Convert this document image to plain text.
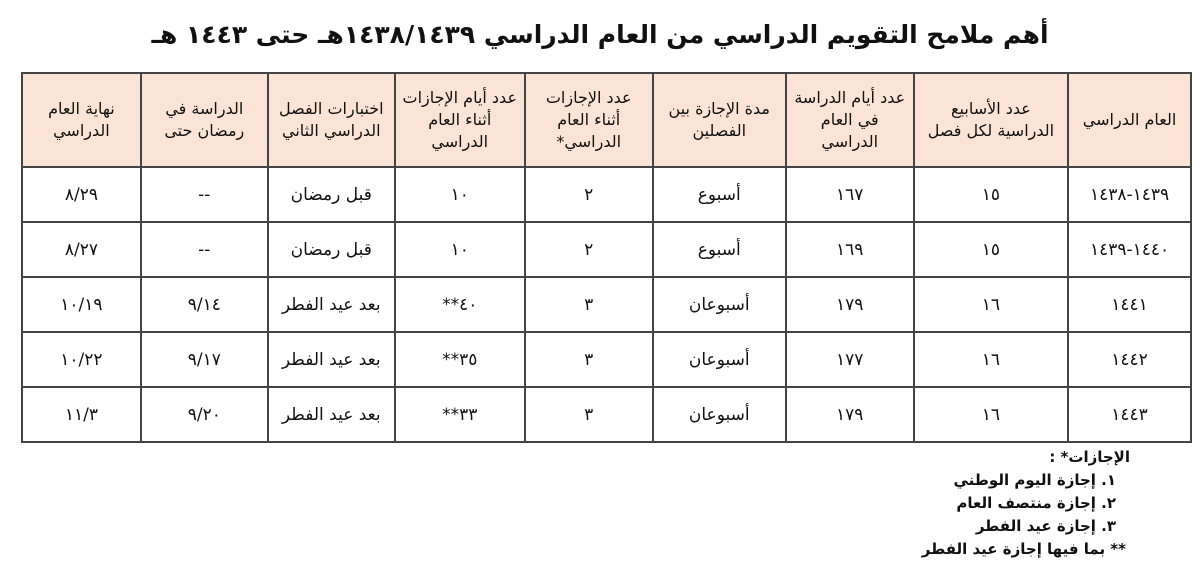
أهم ملامح التقويم الدراسي من العام الدراسي ١٤٣٨/١٤٣٩هـ حتى ١٤٤٣ هـ
العام الدراسي	عدد الأسابيع الدراسية لكل فصل	عدد أيام الدراسة في العام الدراسي	مدة الإجازة بين الفصلين	عدد الإجازات أثناء العام الدراسي*	عدد أيام الإجازات أثناء العام الدراسي	اختبارات الفصل الدراسي الثاني	الدراسة في رمضان حتى	نهاية العام الدراسي
١٤٣٩-١٤٣٨	١٥	١٦٧	أسبوع	٢	١٠	قبل رمضان	--	٨/٢٩
١٤٤٠-١٤٣٩	١٥	١٦٩	أسبوع	٢	١٠	قبل رمضان	--	٨/٢٧
١٤٤١	١٦	١٧٩	أسبوعان	٣	٤٠**	بعد عيد الفطر	٩/١٤	١٠/١٩
١٤٤٢	١٦	١٧٧	أسبوعان	٣	٣٥**	بعد عيد الفطر	٩/١٧	١٠/٢٢
١٤٤٣	١٦	١٧٩	أسبوعان	٣	٣٣**	بعد عيد الفطر	٩/٢٠	١١/٣
الإجازات* :
١. إجازة اليوم الوطني
٢. إجازة منتصف العام
٣. إجازة عيد الفطر
** بما فيها إجازة عيد الفطر
